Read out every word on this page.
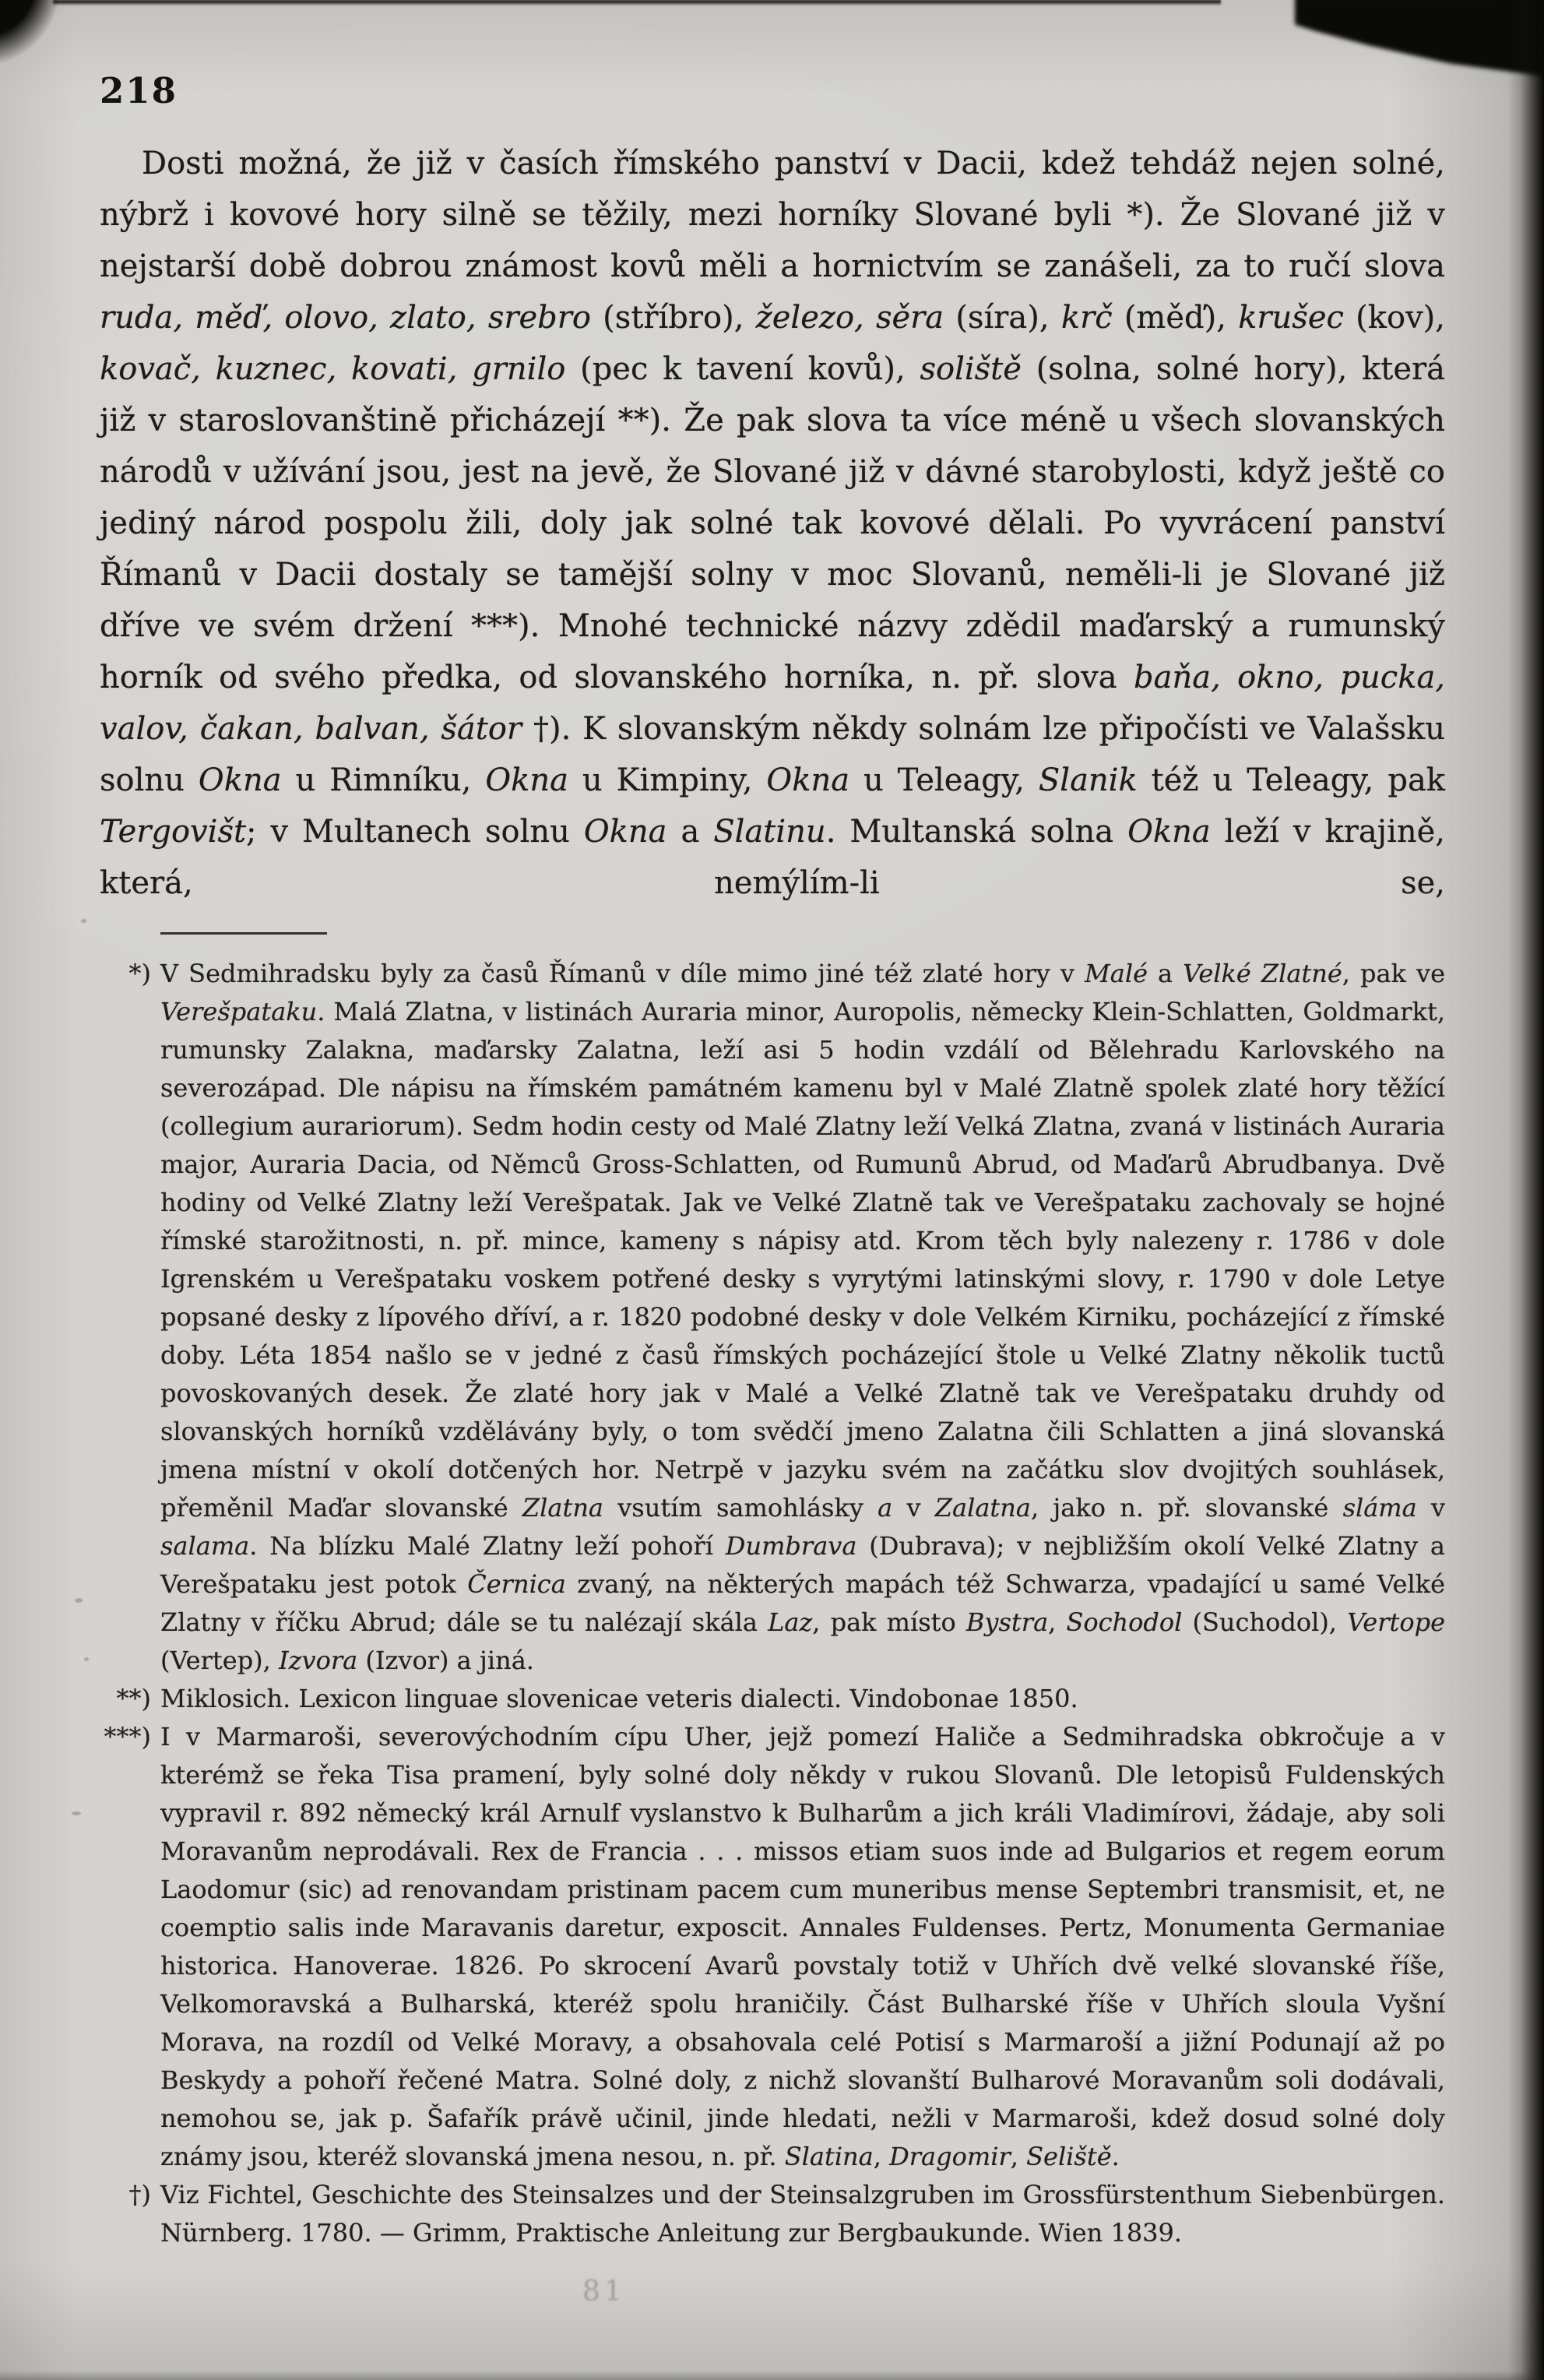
218

Dosti možná, že již v časích římského panství v Dacii, kdež tehdáž nejen solné, nýbrž i kovové hory silně se těžily, mezi horníky Slované byli *). Že Slované již v nejstarší době dobrou známost kovů měli a hornictvím se zanášeli, za to ručí slova ruda, měď, olovo, zlato, srebro (stříbro), železo, sěra (síra), krč (měď), krušec (kov), kovač, kuznec, kovati, grnilo (pec k tavení kovů), soliště (solna, solné hory), která již v staroslovanštině přicházejí **). Že pak slova ta více méně u všech slovanských národů v užívání jsou, jest na jevě, že Slované již v dávné starobylosti, když ještě co jediný národ pospolu žili, doly jak solné tak kovové dělali. Po vyvrácení panství Římanů v Dacii dostaly se tamější solny v moc Slovanů, neměli-li je Slované již dříve ve svém držení ***). Mnohé technické názvy zdědil maďarský a rumunský horník od svého předka, od slovanského horníka, n. př. slova baňa, okno, pucka, valov, čakan, balvan, šátor †). K slovanským někdy solnám lze připočísti ve Valašsku solnu Okna u Rimníku, Okna u Kimpiny, Okna u Teleagy, Slanik též u Teleagy, pak Tergovišt; v Multanech solnu Okna a Slatinu. Multanská solna Okna leží v krajině, která, nemýlím-li se,

*) V Sedmihradsku byly za časů Římanů v díle mimo jiné též zlaté hory v Malé a Velké Zlatné, pak ve Verešpataku. Malá Zlatna, v listinách Auraria minor, Auropolis, německy Klein-Schlatten, Goldmarkt, rumunsky Zalakna, maďarsky Zalatna, leží asi 5 hodin vzdálí od Bělehradu Karlovského na severozápad. Dle nápisu na římském památném kamenu byl v Malé Zlatně spolek zlaté hory těžící (collegium aurariorum). Sedm hodin cesty od Malé Zlatny leží Velká Zlatna, zvaná v listinách Auraria major, Auraria Dacia, od Němců Gross-Schlatten, od Rumunů Abrud, od Maďarů Abrudbanya. Dvě hodiny od Velké Zlatny leží Verešpatak. Jak ve Velké Zlatně tak ve Verešpataku zachovaly se hojné římské starožitnosti, n. př. mince, kameny s nápisy atd. Krom těch byly nalezeny r. 1786 v dole Igrenském u Verešpataku voskem potřené desky s vyrytými latinskými slovy, r. 1790 v dole Letye popsané desky z lípového dříví, a r. 1820 podobné desky v dole Velkém Kirniku, pocházející z římské doby. Léta 1854 našlo se v jedné z časů římských pocházející štole u Velké Zlatny několik tuctů povoskovaných desek. Že zlaté hory jak v Malé a Velké Zlatně tak ve Verešpataku druhdy od slovanských horníků vzdělávány byly, o tom svědčí jmeno Zalatna čili Schlatten a jiná slovanská jmena místní v okolí dotčených hor. Netrpě v jazyku svém na začátku slov dvojitých souhlásek, přeměnil Maďar slovanské Zlatna vsutím samohlásky a v Zalatna, jako n. př. slovanské sláma v salama. Na blízku Malé Zlatny leží pohoří Dumbrava (Dubrava); v nejbližším okolí Velké Zlatny a Verešpataku jest potok Černica zvaný, na některých mapách též Schwarza, vpadající u samé Velké Zlatny v říčku Abrud; dále se tu nalézají skála Laz, pak místo Bystra, Sochodol (Suchodol), Vertope (Vertep), Izvora (Izvor) a jiná.
**) Miklosich. Lexicon linguae slovenicae veteris dialecti. Vindobonae 1850.
***) I v Marmaroši, severovýchodním cípu Uher, jejž pomezí Haliče a Sedmihradska obkročuje a v kterémž se řeka Tisa pramení, byly solné doly někdy v rukou Slovanů. Dle letopisů Fuldenských vypravil r. 892 německý král Arnulf vyslanstvo k Bulharům a jich králi Vladimírovi, žádaje, aby soli Moravanům neprodávali. Rex de Francia . . . missos etiam suos inde ad Bulgarios et regem eorum Laodomur (sic) ad renovandam pristinam pacem cum muneribus mense Septembri transmisit, et, ne coemptio salis inde Maravanis daretur, exposcit. Annales Fuldenses. Pertz, Monumenta Germaniae historica. Hanoverae. 1826. Po skrocení Avarů povstaly totiž v Uhřích dvě velké slovanské říše, Velkomoravská a Bulharská, kteréž spolu hraničily. Část Bulharské říše v Uhřích sloula Vyšní Morava, na rozdíl od Velké Moravy, a obsahovala celé Potisí s Marmaroší a jižní Podunají až po Beskydy a pohoří řečené Matra. Solné doly, z nichž slovanští Bulharové Moravanům soli dodávali, nemohou se, jak p. Šafařík právě učinil, jinde hledati, nežli v Marmaroši, kdež dosud solné doly známy jsou, kteréž slovanská jmena nesou, n. př. Slatina, Dragomir, Seliště.
†) Viz Fichtel, Geschichte des Steinsalzes und der Steinsalzgruben im Grossfürstenthum Siebenbürgen. Nürnberg. 1780. — Grimm, Praktische Anleitung zur Bergbaukunde. Wien 1839.
81
